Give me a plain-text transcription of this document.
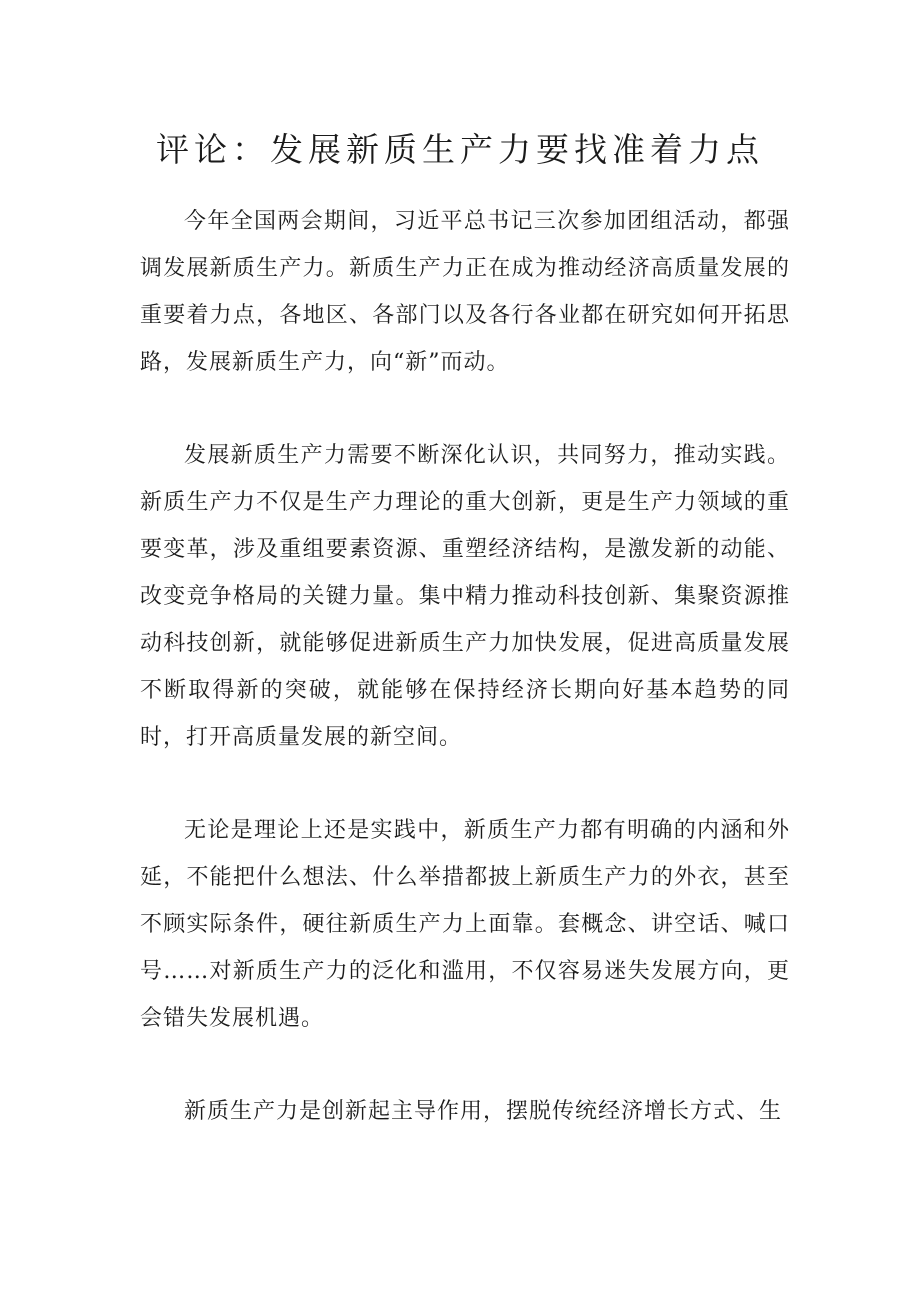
评论：发展新质生产力要找准着力点

今年全国两会期间，习近平总书记三次参加团组活动，都强调发展新质生产力。新质生产力正在成为推动经济高质量发展的重要着力点，各地区、各部门以及各行各业都在研究如何开拓思路，发展新质生产力，向“新”而动。

发展新质生产力需要不断深化认识，共同努力，推动实践。新质生产力不仅是生产力理论的重大创新，更是生产力领域的重要变革，涉及重组要素资源、重塑经济结构，是激发新的动能、改变竞争格局的关键力量。集中精力推动科技创新、集聚资源推动科技创新，就能够促进新质生产力加快发展，促进高质量发展不断取得新的突破，就能够在保持经济长期向好基本趋势的同时，打开高质量发展的新空间。

无论是理论上还是实践中，新质生产力都有明确的内涵和外延，不能把什么想法、什么举措都披上新质生产力的外衣，甚至不顾实际条件，硬往新质生产力上面靠。套概念、讲空话、喊口号……对新质生产力的泛化和滥用，不仅容易迷失发展方向，更会错失发展机遇。

新质生产力是创新起主导作用，摆脱传统经济增长方式、生
